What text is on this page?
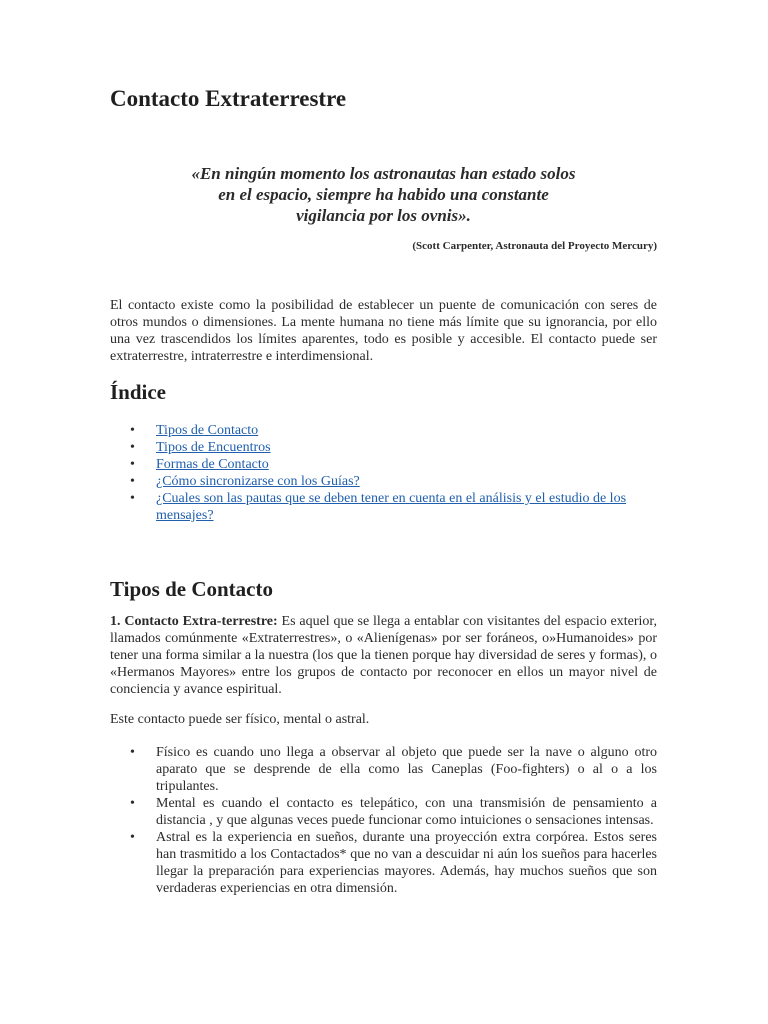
Contacto Extraterrestre

«En ningún momento los astronautas han estado solos
en el espacio, siempre ha habido una constante
vigilancia por los ovnis».

(Scott Carpenter, Astronauta del Proyecto Mercury)

El contacto existe como la posibilidad de establecer un puente de comunicación con seres de otros mundos o dimensiones. La mente humana no tiene más límite que su ignorancia, por ello una vez trascendidos los límites aparentes, todo es posible y accesible. El contacto puede ser extraterrestre, intraterrestre e interdimensional.

Índice
• Tipos de Contacto
• Tipos de Encuentros
• Formas de Contacto
• ¿Cómo sincronizarse con los Guías?
• ¿Cuales son las pautas que se deben tener en cuenta en el análisis y el estudio de los mensajes?
Tipos de Contacto

1. Contacto Extra-terrestre: Es aquel que se llega a entablar con visitantes del espacio exterior, llamados comúnmente «Extraterrestres», o «Alienígenas» por ser foráneos, o»Humanoides» por tener una forma similar a la nuestra (los que la tienen porque hay diversidad de seres y formas), o «Hermanos Mayores» entre los grupos de contacto por reconocer en ellos un mayor nivel de conciencia y avance espiritual.

Este contacto puede ser físico, mental o astral.

• Físico es cuando uno llega a observar al objeto que puede ser la nave o alguno otro aparato que se desprende de ella como las Caneplas (Foo-fighters) o al o a los tripulantes.
• Mental es cuando el contacto es telepático, con una transmisión de pensamiento a distancia , y que algunas veces puede funcionar como intuiciones o sensaciones intensas.
• Astral es la experiencia en sueños, durante una proyección extra corpórea. Estos seres han trasmitido a los Contactados* que no van a descuidar ni aún los sueños para hacerles llegar la preparación para experiencias mayores. Además, hay muchos sueños que son verdaderas experiencias en otra dimensión.
